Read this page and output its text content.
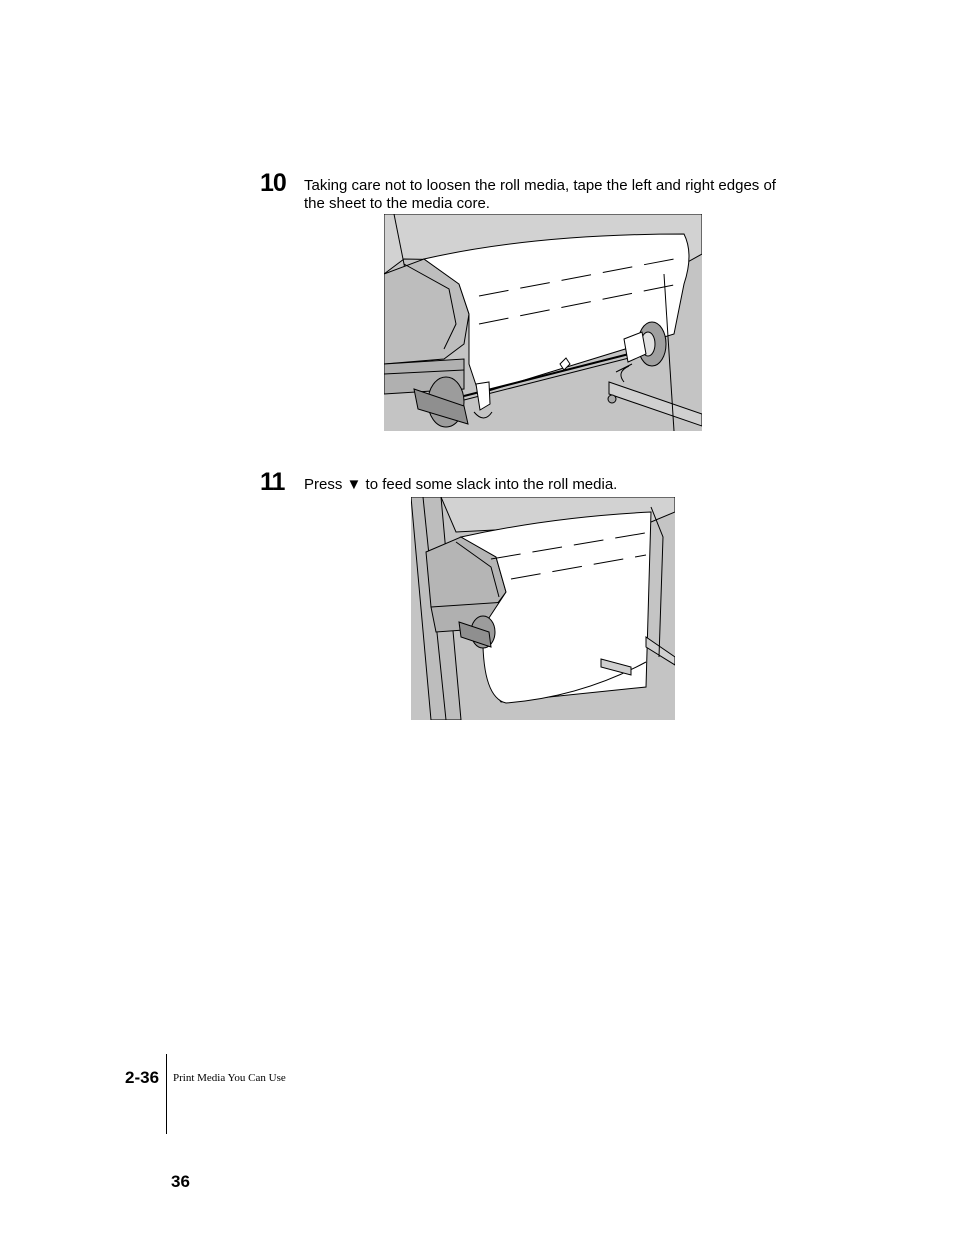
10 Taking care not to loosen the roll media, tape the left and right edges of the sheet to the media core.
11 Press ▼ to feed some slack into the roll media.
2-36 Print Media You Can Use
36
